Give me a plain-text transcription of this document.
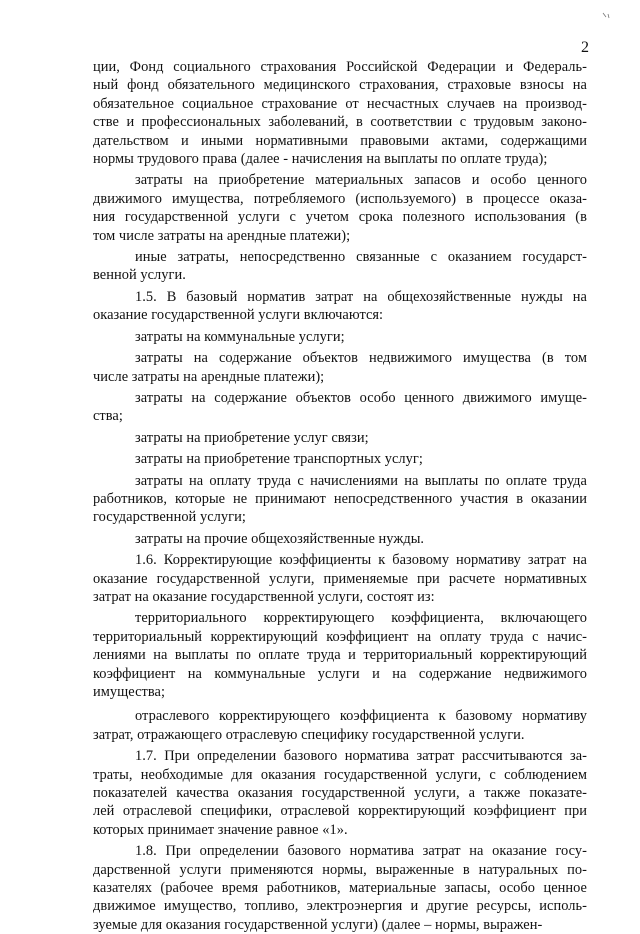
2
ции, Фонд социального страхования Российской Федерации и Федераль-
ный фонд обязательного медицинского страхования, страховые взносы на
обязательное социальное страхование от несчастных случаев на производ-
стве и профессиональных заболеваний, в соответствии с трудовым законо-
дательством и иными нормативными правовыми актами, содержащими
нормы трудового права (далее - начисления на выплаты по оплате труда);
затраты на приобретение материальных запасов и особо ценного
движимого имущества, потребляемого (используемого) в процессе оказа-
ния государственной услуги с учетом срока полезного использования (в
том числе затраты на арендные платежи);
иные затраты, непосредственно связанные с оказанием государст-
венной услуги.
1.5. В базовый норматив затрат на общехозяйственные нужды на
оказание государственной услуги включаются:
затраты на коммунальные услуги;
затраты на содержание объектов недвижимого имущества (в том
числе затраты на арендные платежи);
затраты на содержание объектов особо ценного движимого имуще-
ства;
затраты на приобретение услуг связи;
затраты на приобретение транспортных услуг;
затраты на оплату труда с начислениями на выплаты по оплате труда
работников, которые не принимают непосредственного участия в оказании
государственной услуги;
затраты на прочие общехозяйственные нужды.
1.6. Корректирующие коэффициенты к базовому нормативу затрат на
оказание государственной услуги, применяемые при расчете нормативных
затрат на оказание государственной услуги, состоят из:
территориального корректирующего коэффициента, включающего
территориальный корректирующий коэффициент на оплату труда с начис-
лениями на выплаты по оплате труда и территориальный корректирующий
коэффициент на коммунальные услуги и на содержание недвижимого
имущества;
отраслевого корректирующего коэффициента к базовому нормативу
затрат, отражающего отраслевую специфику государственной услуги.
1.7. При определении базового норматива затрат рассчитываются за-
траты, необходимые для оказания государственной услуги, с соблюдением
показателей качества оказания государственной услуги, а также показате-
лей отраслевой специфики, отраслевой корректирующий коэффициент при
которых принимает значение равное «1».
1.8. При определении базового норматива затрат на оказание госу-
дарственной услуги применяются нормы, выраженные в натуральных по-
казателях (рабочее время работников, материальные запасы, особо ценное
движимое имущество, топливо, электроэнергия и другие ресурсы, исполь-
зуемые для оказания государственной услуги) (далее – нормы, выражен-
